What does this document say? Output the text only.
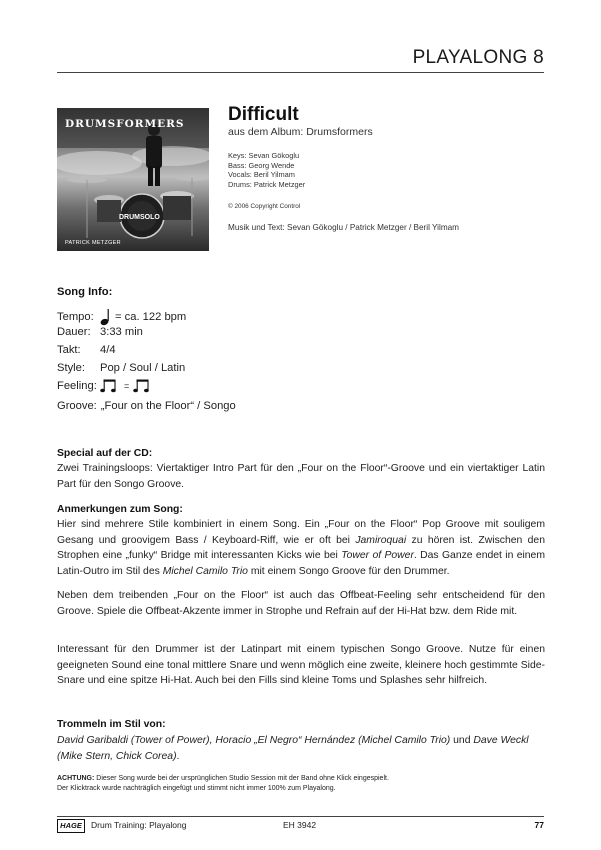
PLAYALONG 8
DRUMSFORMERS
DRUMSOLO
PATRICK METZGER
Difficult
aus dem Album: Drumsformers
Keys: Sevan Gökoglu
Bass: Georg Wende
Vocals: Beril Yilmam
Drums: Patrick Metzger
© 2006 Copyright Control
Musik und Text: Sevan Gökoglu / Patrick Metzger / Beril Yilmam
Song Info:
Tempo:	= ca. 122 bpm
Dauer: 3:33 min
Takt:	4/4
Style:	Pop / Soul / Latin
Feeling:	=
Groove: „Four on the Floor“ / Songo
Special auf der CD:
Zwei Trainingsloops: Viertaktiger Intro Part für den „Four on the Floor“-Groove und ein viertaktiger Latin Part für den Songo Groove.
Anmerkungen zum Song:
Hier sind mehrere Stile kombiniert in einem Song. Ein „Four on the Floor“ Pop Groove mit souligem Gesang und groovigem Bass / Keyboard-Riff, wie er oft bei Jamiroquai zu hören ist. Zwischen den Strophen eine „funky“ Bridge mit interessanten Kicks wie bei Tower of Power. Das Ganze endet in einem Latin-Outro im Stil des Michel Camilo Trio mit einem Songo Groove für den Drummer.
Neben dem treibenden „Four on the Floor“ ist auch das Offbeat-Feeling sehr entscheidend für den Groove. Spiele die Offbeat-Akzente immer in Strophe und Refrain auf der Hi-Hat bzw. dem Ride mit.
Interessant für den Drummer ist der Latinpart mit einem typischen Songo Groove. Nutze für einen geeigneten Sound eine tonal mittlere Snare und wenn möglich eine zweite, kleinere hoch gestimmte Side-Snare und eine spitze Hi-Hat. Auch bei den Fills sind kleine Toms und Splashes sehr hilfreich.
Trommeln im Stil von:
David Garibaldi (Tower of Power), Horacio „El Negro“ Hernández (Michel Camilo Trio) und Dave Weckl (Mike Stern, Chick Corea).
ACHTUNG: Dieser Song wurde bei der ursprünglichen Studio Session mit der Band ohne Klick eingespielt.
Der Klicktrack wurde nachträglich eingefügt und stimmt nicht immer 100% zum Playalong.
HAGE	Drum Training: Playalong	EH 3942	77
